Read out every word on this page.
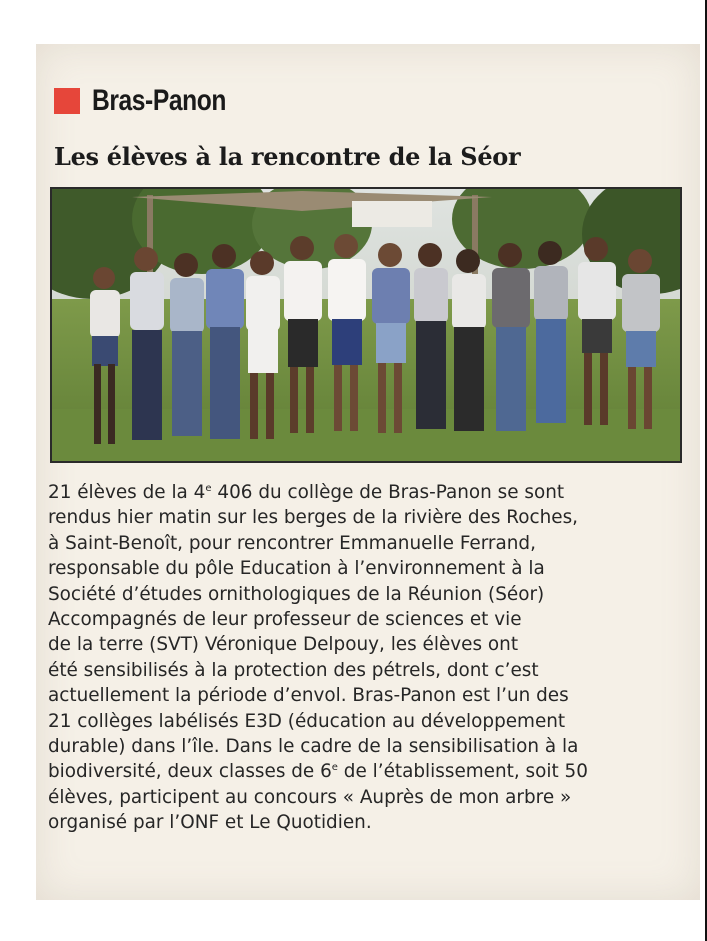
Bras-Panon
Les élèves à la rencontre de la Séor
21 élèves de la 4e 406 du collège de Bras-Panon se sont
rendus hier matin sur les berges de la rivière des Roches,
à Saint-Benoît, pour rencontrer Emmanuelle Ferrand,
responsable du pôle Education à l’environnement à la
Société d’études ornithologiques de la Réunion (Séor)
Accompagnés de leur professeur de sciences et vie
de la terre (SVT) Véronique Delpouy, les élèves ont
été sensibilisés à la protection des pétrels, dont c’est
actuellement la période d’envol. Bras-Panon est l’un des
21 collèges labélisés E3D (éducation au développement
durable) dans l’île. Dans le cadre de la sensibilisation à la
biodiversité, deux classes de 6e de l’établissement, soit 50
élèves, participent au concours « Auprès de mon arbre »
organisé par l’ONF et Le Quotidien.
